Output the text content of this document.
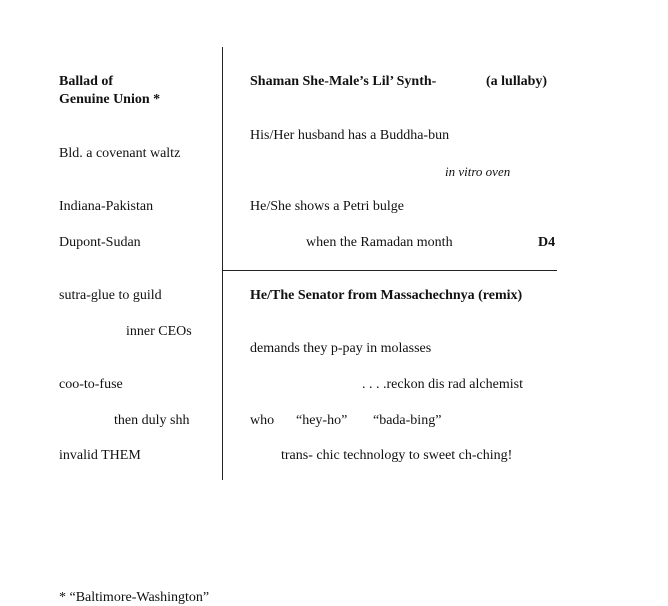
Ballad of
Genuine Union *
Bld. a covenant waltz
Indiana-Pakistan
Dupont-Sudan
sutra-glue to guild
inner CEOs
coo-to-fuse
then duly shh
invalid THEM
Shaman She-Male’s Lil’ Synth-	(a lullaby)
His/Her husband has a Buddha-bun
in vitro oven
He/She shows a Petri bulge
when the Ramadan month	D4
He/The Senator from Massachechnya (remix)
demands they p-pay in molasses
. . . .reckon dis rad alchemist
who “hey-ho” “bada-bing”
trans- chic technology to sweet ch-ching!
* “Baltimore-Washington”
